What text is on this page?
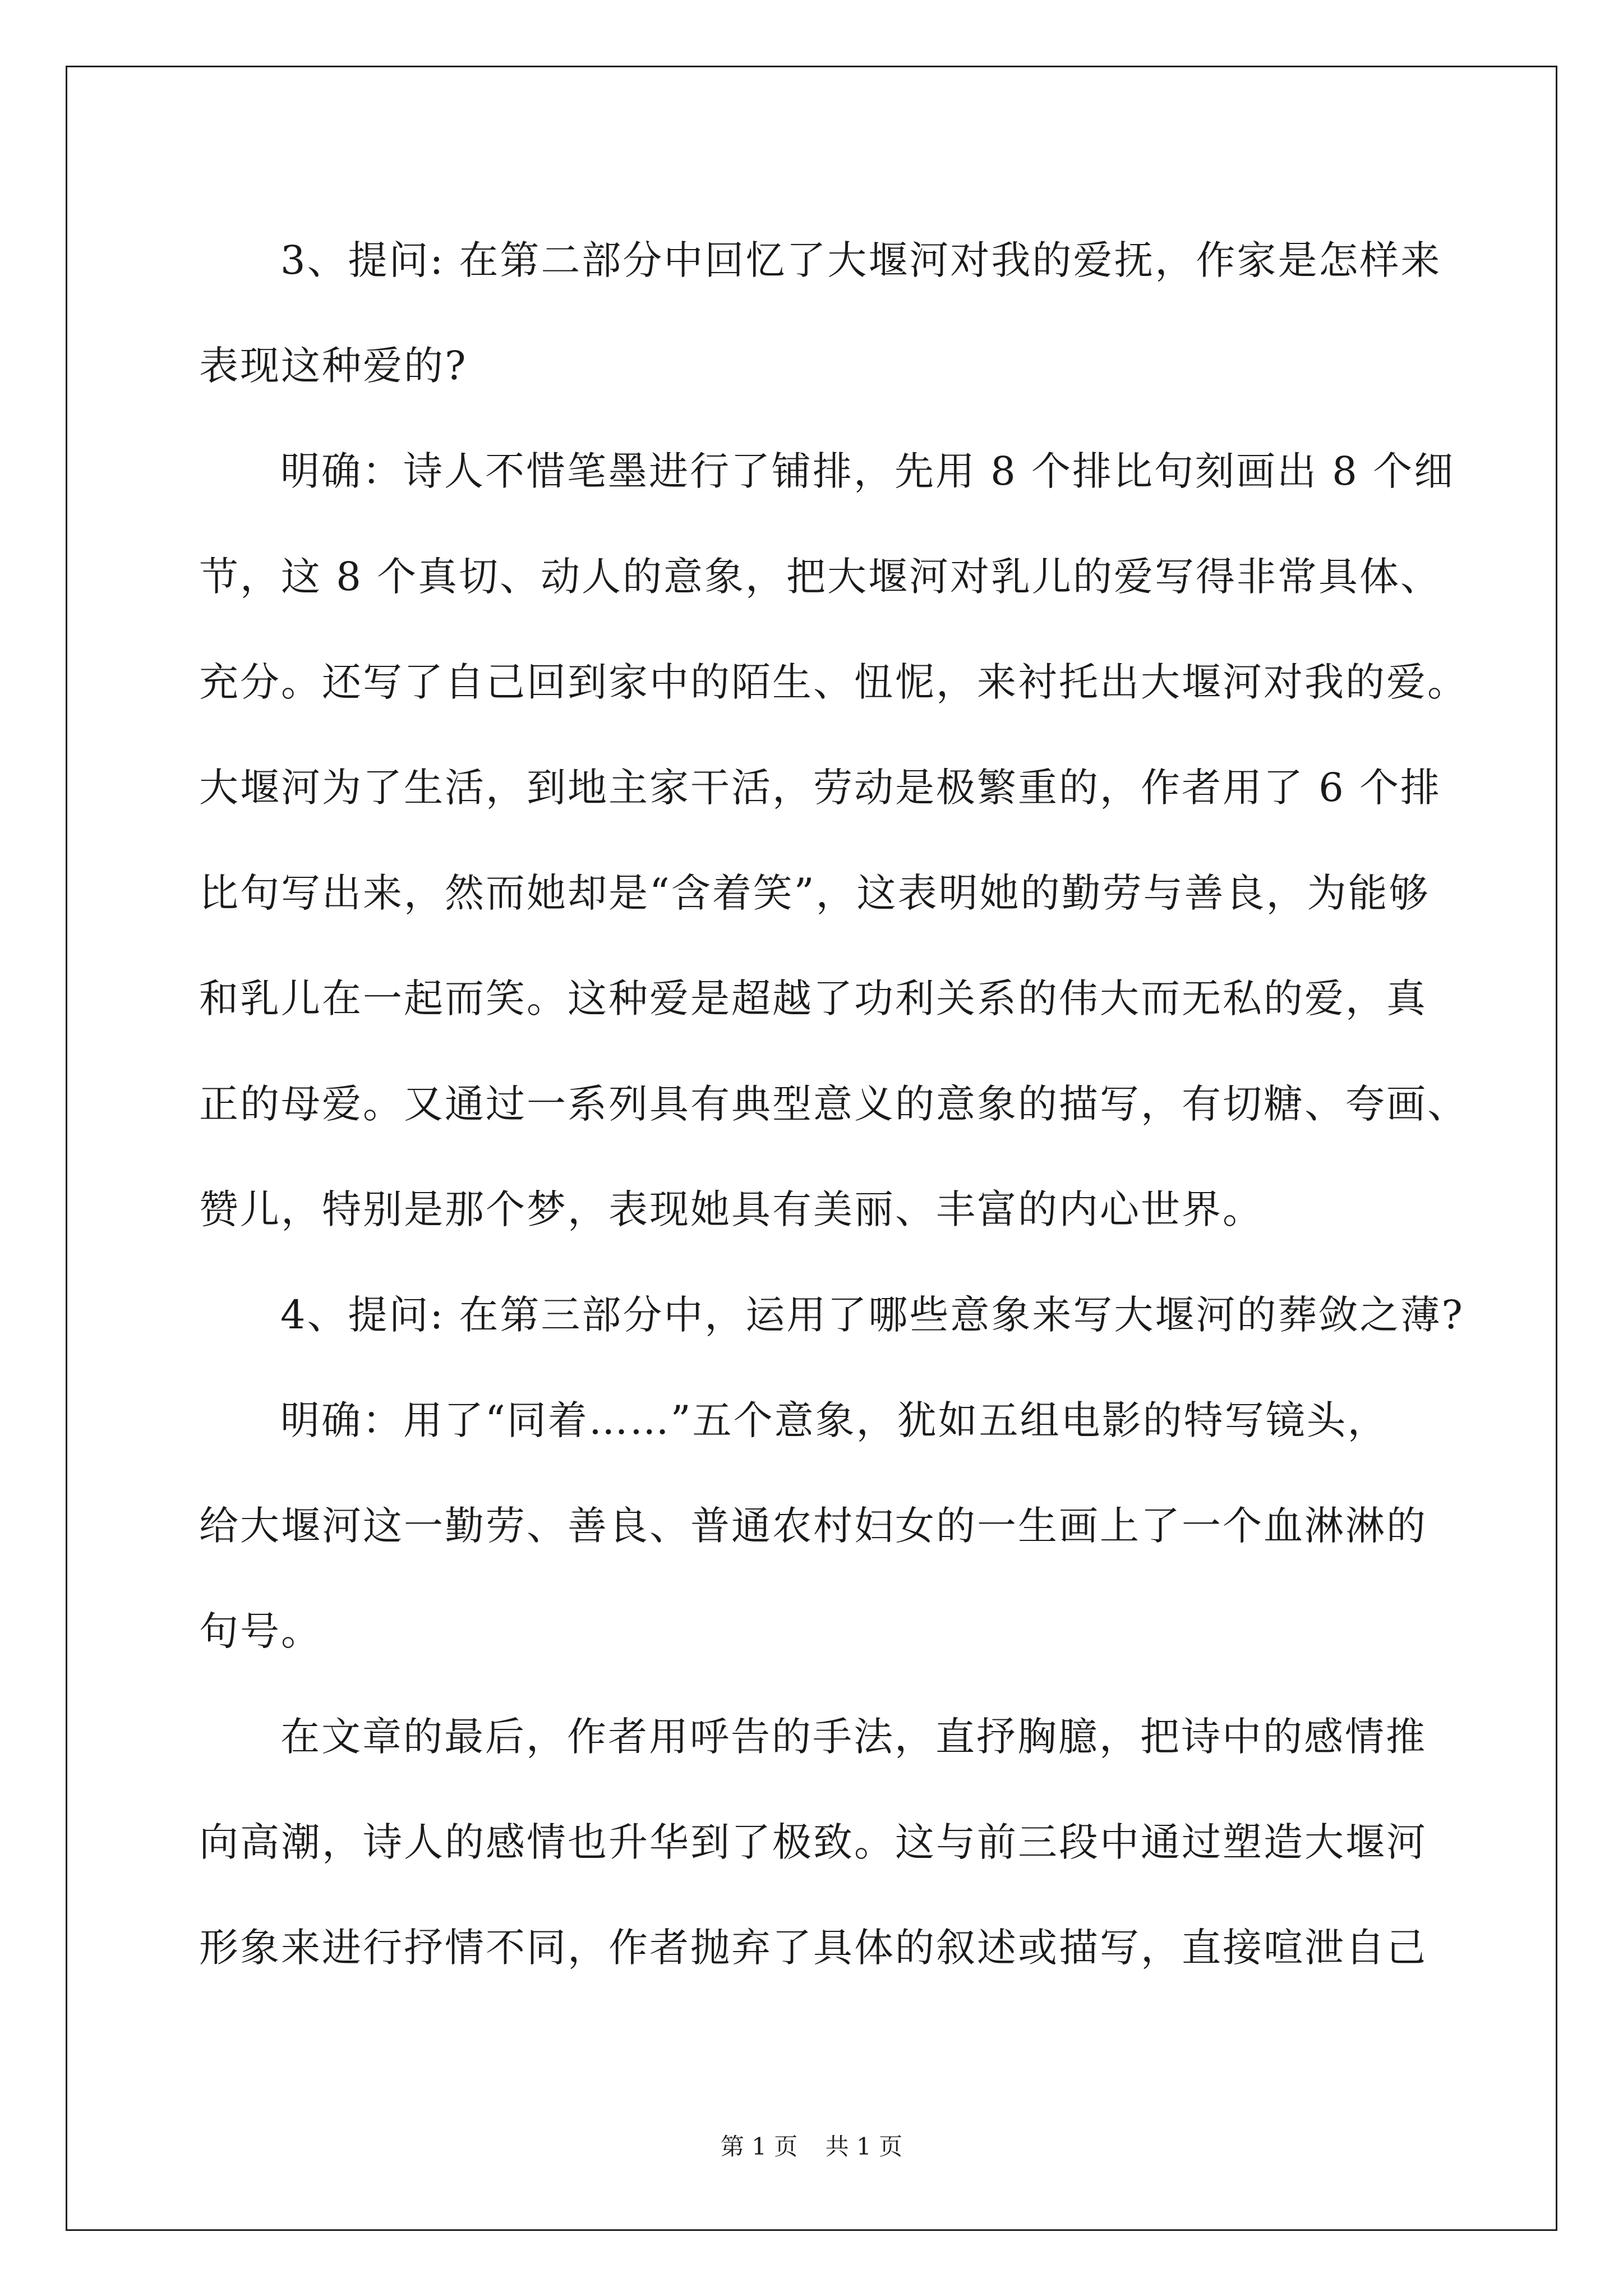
3、提问: 在第二部分中回忆了大堰河对我的爱抚，作家是怎样来
表现这种爱的?
明确：诗人不惜笔墨进行了铺排，先用 8 个排比句刻画出 8 个细
节，这 8 个真切、动人的意象，把大堰河对乳儿的爱写得非常具体、
充分。还写了自己回到家中的陌生、忸怩，来衬托出大堰河对我的爱。
大堰河为了生活，到地主家干活，劳动是极繁重的，作者用了 6 个排
比句写出来，然而她却是“含着笑”，这表明她的勤劳与善良，为能够
和乳儿在一起而笑。这种爱是超越了功利关系的伟大而无私的爱，真
正的母爱。又通过一系列具有典型意义的意象的描写，有切糖、夸画、
赞儿，特别是那个梦，表现她具有美丽、丰富的内心世界。
4、提问: 在第三部分中，运用了哪些意象来写大堰河的葬敛之薄?
明确：用了“同着……”五个意象，犹如五组电影的特写镜头，
给大堰河这一勤劳、善良、普通农村妇女的一生画上了一个血淋淋的
句号。
在文章的最后，作者用呼告的手法，直抒胸臆，把诗中的感情推
向高潮，诗人的感情也升华到了极致。这与前三段中通过塑造大堰河
形象来进行抒情不同，作者抛弃了具体的叙述或描写，直接喧泄自己
第 1 页 共 1 页
